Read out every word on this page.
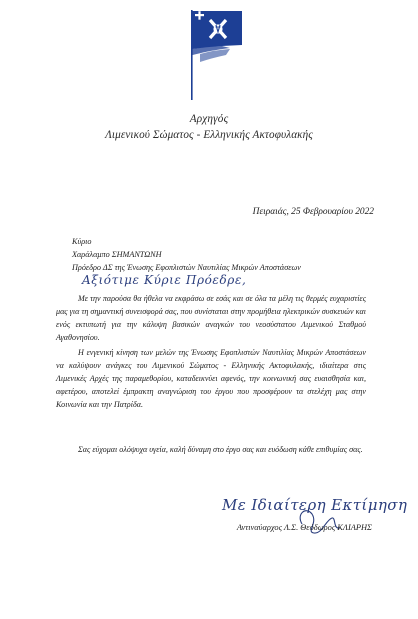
Αρχηγός
Λιμενικού Σώματος - Ελληνικής Ακτοφυλακής
Πειραιάς, 25 Φεβρουαρίου 2022
Κύριο
Χαράλαμπο ΣΗΜΑΝΤΩΝΗ
Πρόεδρο ΔΣ της Ένωσης Εφοπλιστών Ναυτιλίας Μικρών Αποστάσεων
Αξιότιμε Κύριε Πρόεδρε,
Με την παρούσα θα ήθελα να εκφράσω σε εσάς και σε όλα τα μέλη τις θερμές ευχαριστίες μας για τη σημαντική συνεισφορά σας, που συνίσταται στην προμήθεια ηλεκτρικών συσκευών και ενός εκτυπωτή για την κάλυψη βασικών αναγκών του νεοσύστατου Λιμενικού Σταθμού Αγαθονησίου.
Η ενγενική κίνηση των μελών της Ένωσης Εφοπλιστών Ναυτιλίας Μικρών Αποστάσεων να καλύψουν ανάγκες του Λιμενικού Σώματος - Ελληνικής Ακτοφυλακής, ιδιαίτερα στις Λιμενικές Αρχές της παραμεθορίου, καταδεικνύει αφενός, την κοινωνική σας ευαισθησία και, αφετέρου, αποτελεί έμπρακτη αναγνώριση του έργου που προσφέρουν τα στελέχη μας στην Κοινωνία και την Πατρίδα.
Σας εύχομαι ολόψυχα υγεία, καλή δύναμη στο έργο σας και ευόδωση κάθε επιθυμίας σας.
Με Ιδιαίτερη Εκτίμηση
Αντιναύαρχος Λ.Σ. Θεόδωρος ΚΛΙΑΡΗΣ
